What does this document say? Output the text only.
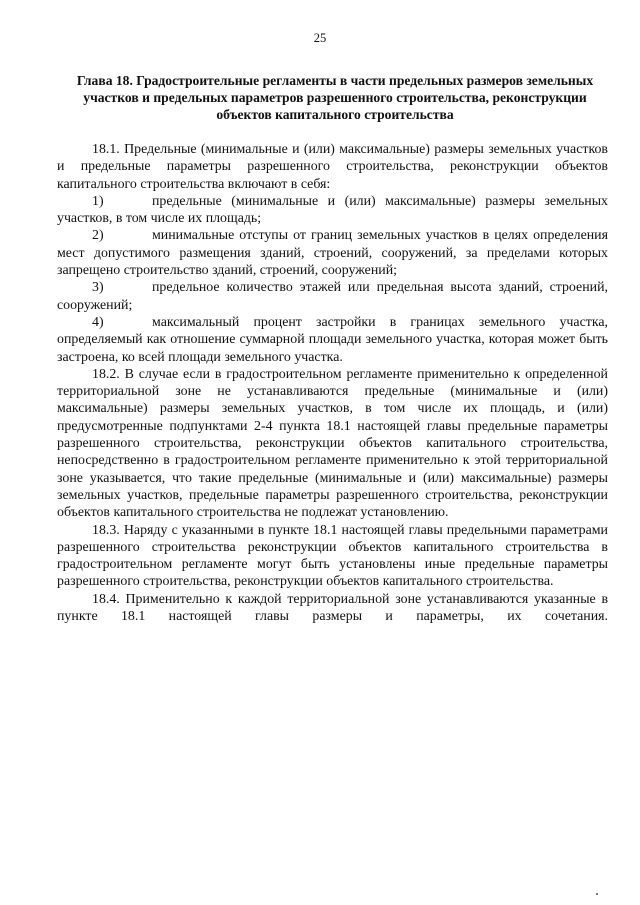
25
Глава 18. Градостроительные регламенты в части предельных размеров земельных участков и предельных параметров разрешенного строительства, реконструкции объектов капитального строительства

18.1. Предельные (минимальные и (или) максимальные) размеры земельных участков и предельные параметры разрешенного строительства, реконструкции объектов капитального строительства включают в себя:

1)	предельные (минимальные и (или) максимальные) размеры земельных участков, в том числе их площадь;

2)	минимальные отступы от границ земельных участков в целях определения мест допустимого размещения зданий, строений, сооружений, за пределами которых запрещено строительство зданий, строений, сооружений;

3)	предельное количество этажей или предельная высота зданий, строений, сооружений;

4)	максимальный процент застройки в границах земельного участка, определяемый как отношение суммарной площади земельного участка, которая может быть застроена, ко всей площади земельного участка.

18.2. В случае если в градостроительном регламенте применительно к определенной территориальной зоне не устанавливаются предельные (минимальные и (или) максимальные) размеры земельных участков, в том числе их площадь, и (или) предусмотренные подпунктами 2-4 пункта 18.1 настоящей главы предельные параметры разрешенного строительства, реконструкции объектов капитального строительства, непосредственно в градостроительном регламенте применительно к этой территориальной зоне указывается, что такие предельные (минимальные и (или) максимальные) размеры земельных участков, предельные параметры разрешенного строительства, реконструкции объектов капитального строительства не подлежат установлению.

18.3. Наряду с указанными в пункте 18.1 настоящей главы предельными параметрами разрешенного строительства реконструкции объектов капитального строительства в градостроительном регламенте могут быть установлены иные предельные параметры разрешенного строительства, реконструкции объектов капитального строительства.

18.4. Применительно к каждой территориальной зоне устанавливаются указанные в пункте 18.1 настоящей главы размеры и параметры, их сочетания.
